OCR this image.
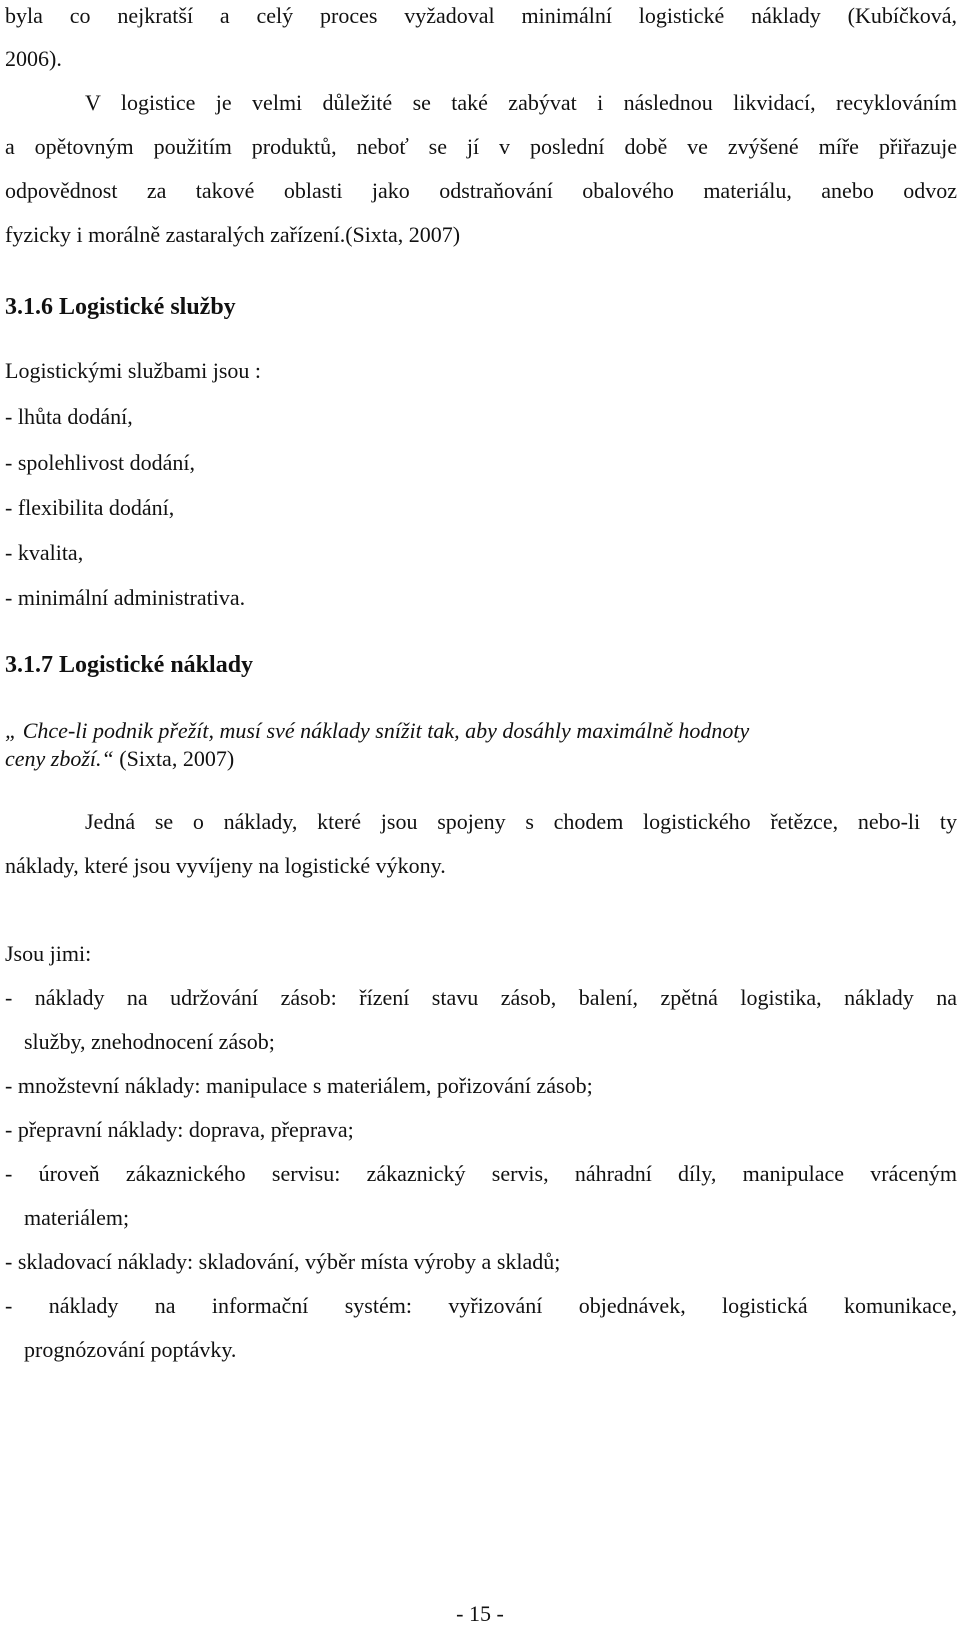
byla co nejkratší a celý proces vyžadoval minimální logistické náklady (Kubíčková,
2006).
V logistice je velmi důležité se také zabývat i následnou likvidací, recyklováním
a opětovným použitím produktů, neboť se jí v poslední době ve zvýšené míře přiřazuje
odpovědnost za takové oblasti jako odstraňování obalového materiálu, anebo odvoz
fyzicky i morálně zastaralých zařízení.(Sixta, 2007)
3.1.6 Logistické služby
Logistickými službami jsou :
- lhůta dodání,
- spolehlivost dodání,
- flexibilita dodání,
- kvalita,
- minimální administrativa.
3.1.7 Logistické náklady
„ Chce-li podnik přežít, musí své náklady snížit tak, aby dosáhly maximálně hodnoty
ceny zboží.“ (Sixta, 2007)
Jedná se o náklady, které jsou spojeny s chodem logistického řetězce, nebo-li ty
náklady, které jsou vyvíjeny na logistické výkony.
Jsou jimi:
- náklady na udržování zásob: řízení stavu zásob, balení, zpětná logistika, náklady na
služby, znehodnocení zásob;
- množstevní náklady: manipulace s materiálem, pořizování zásob;
- přepravní náklady: doprava, přeprava;
- úroveň zákaznického servisu: zákaznický servis, náhradní díly, manipulace vráceným
materiálem;
- skladovací náklady: skladování, výběr místa výroby a skladů;
- náklady na informační systém: vyřizování objednávek, logistická komunikace,
prognózování poptávky.
- 15 -
